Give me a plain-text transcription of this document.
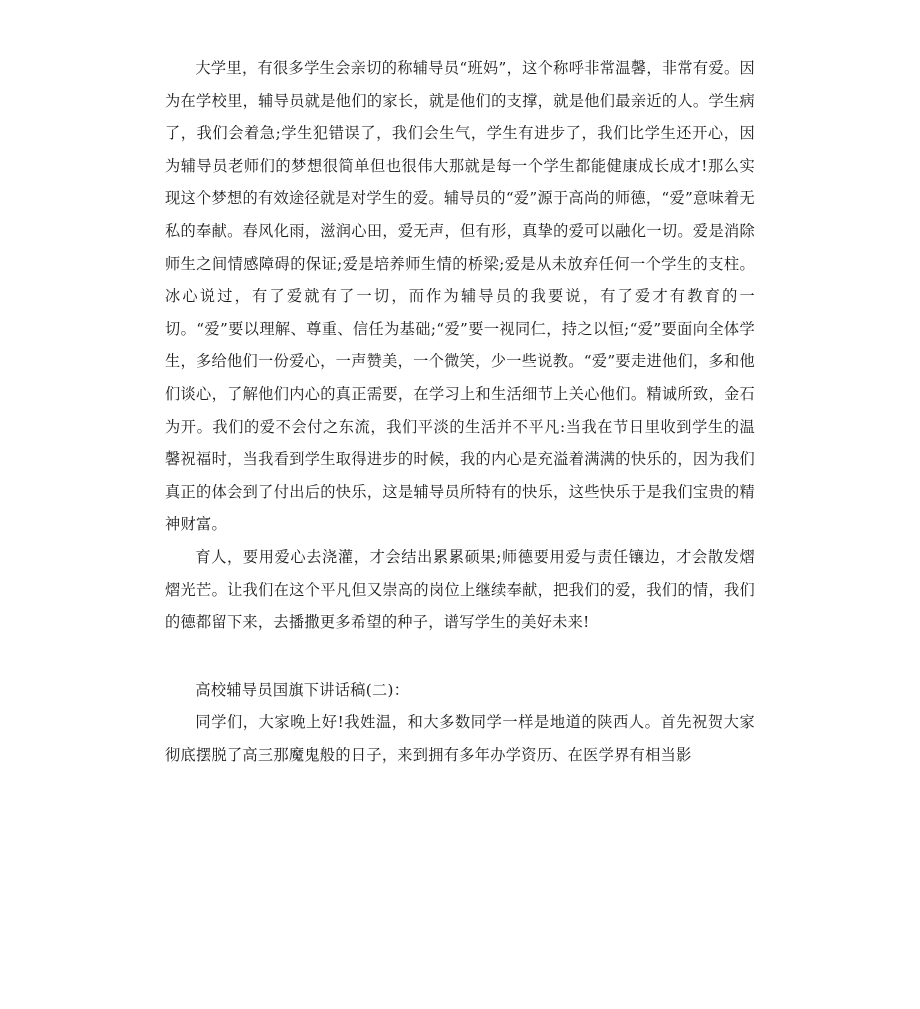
大学里，有很多学生会亲切的称辅导员“班妈”，这个称呼非常温馨，非常有爱。因为在学校里，辅导员就是他们的家长，就是他们的支撑，就是他们最亲近的人。学生病了，我们会着急;学生犯错误了，我们会生气，学生有进步了，我们比学生还开心，因为辅导员老师们的梦想很简单但也很伟大那就是每一个学生都能健康成长成才!那么实现这个梦想的有效途径就是对学生的爱。辅导员的“爱”源于高尚的师德，“爱”意味着无私的奉献。春风化雨，滋润心田，爱无声，但有形，真挚的爱可以融化一切。爱是消除师生之间情感障碍的保证;爱是培养师生情的桥梁;爱是从未放弃任何一个学生的支柱。冰心说过，有了爱就有了一切，而作为辅导员的我要说，有了爱才有教育的一切。“爱”要以理解、尊重、信任为基础;“爱”要一视同仁，持之以恒;“爱”要面向全体学生，多给他们一份爱心，一声赞美，一个微笑，少一些说教。“爱”要走进他们，多和他们谈心，了解他们内心的真正需要，在学习上和生活细节上关心他们。精诚所致，金石为开。我们的爱不会付之东流，我们平淡的生活并不平凡:当我在节日里收到学生的温馨祝福时，当我看到学生取得进步的时候，我的内心是充溢着满满的快乐的，因为我们真正的体会到了付出后的快乐，这是辅导员所特有的快乐，这些快乐于是我们宝贵的精神财富。

育人，要用爱心去浇灌，才会结出累累硕果;师德要用爱与责任镶边，才会散发熠熠光芒。让我们在这个平凡但又崇高的岗位上继续奉献，把我们的爱，我们的情，我们的德都留下来，去播撒更多希望的种子，谱写学生的美好未来!

高校辅导员国旗下讲话稿(二)：

同学们，大家晚上好!我姓温，和大多数同学一样是地道的陕西人。首先祝贺大家彻底摆脱了高三那魔鬼般的日子，来到拥有多年办学资历、在医学界有相当影
